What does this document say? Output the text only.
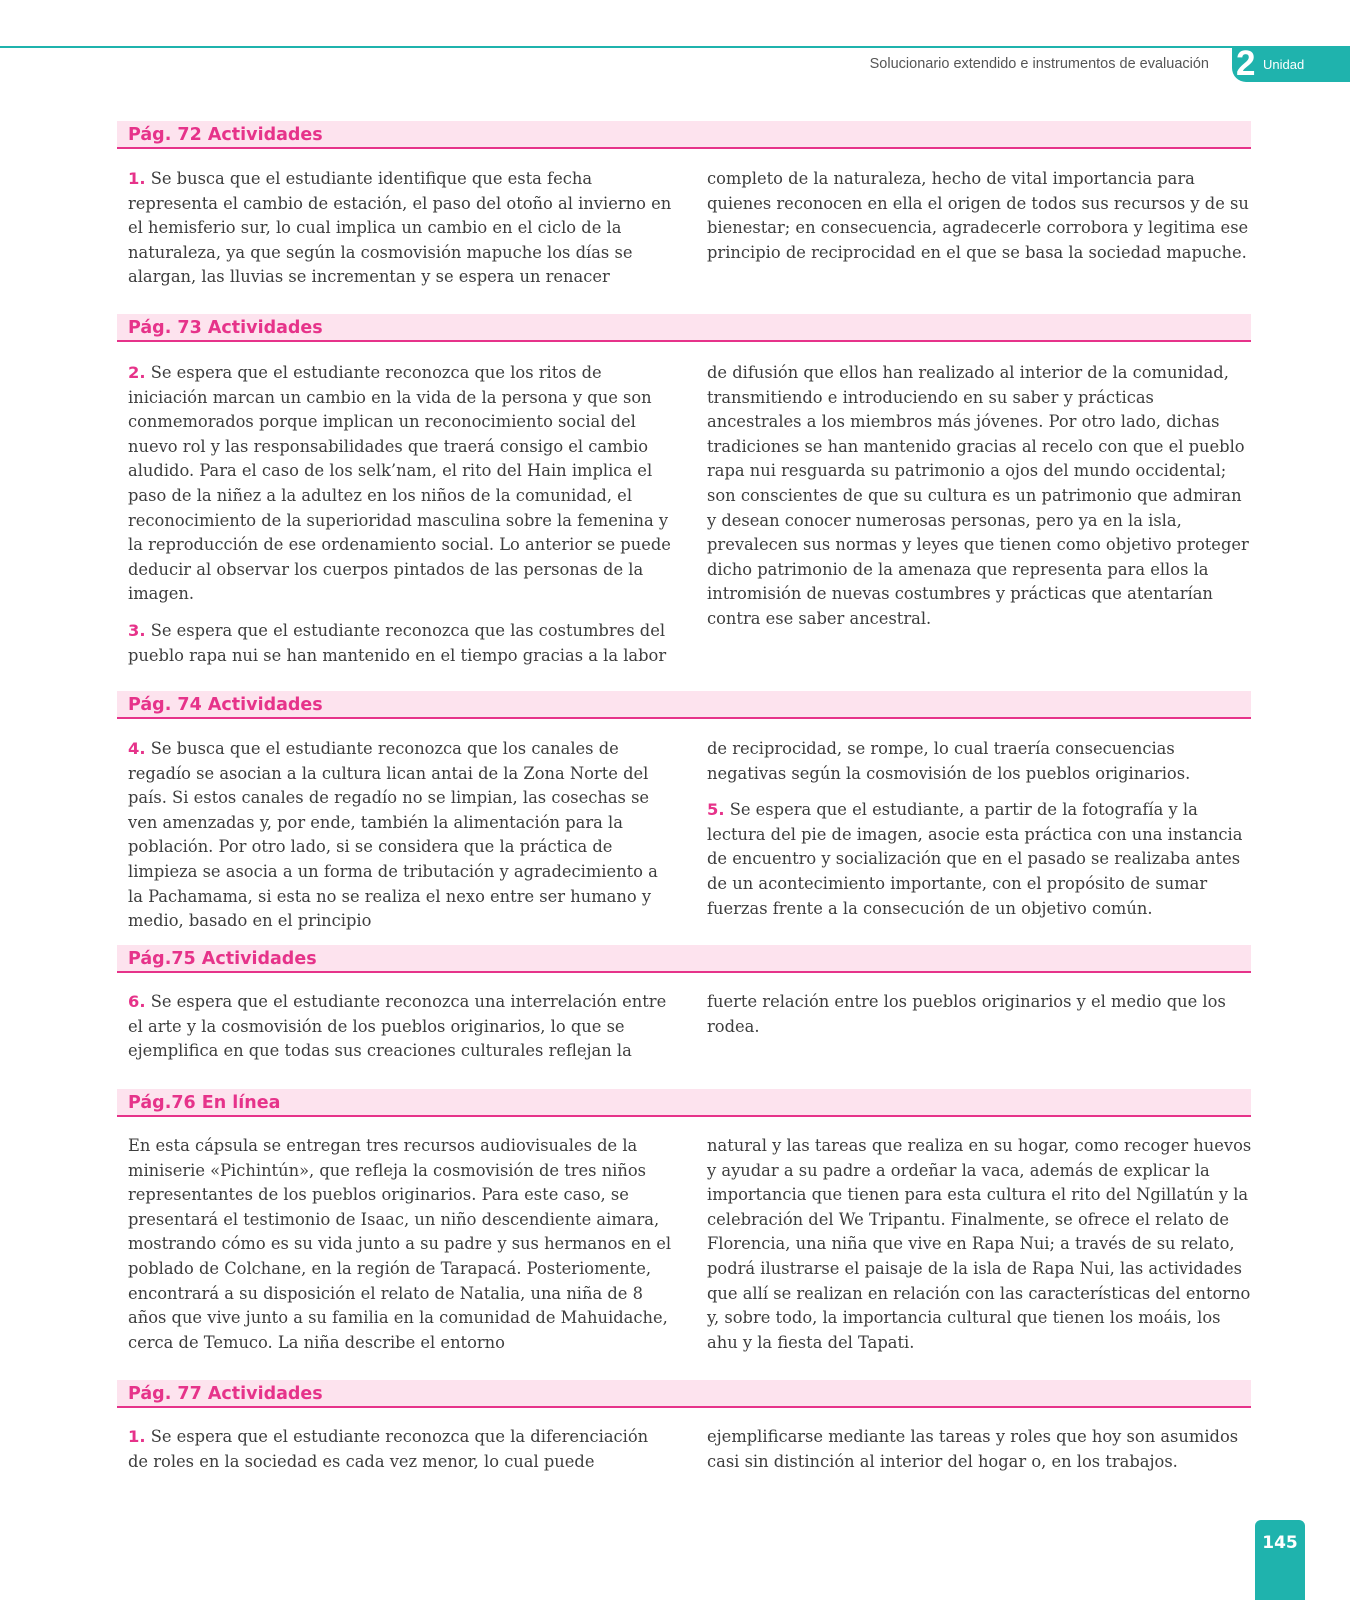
Solucionario extendido e instrumentos de evaluación 2 Unidad
Pág. 72 Actividades

1. Se busca que el estudiante identifique que esta fecha representa el cambio de estación, el paso del otoño al invierno en el hemisferio sur, lo cual implica un cambio en el ciclo de la naturaleza, ya que según la cosmovisión mapuche los días se alargan, las lluvias se incrementan y se espera un renacer

completo de la naturaleza, hecho de vital importancia para quienes reconocen en ella el origen de todos sus recursos y de su bienestar; en consecuencia, agradecerle corrobora y legitima ese principio de reciprocidad en el que se basa la sociedad mapuche.

Pág. 73 Actividades

2. Se espera que el estudiante reconozca que los ritos de iniciación marcan un cambio en la vida de la persona y que son conmemorados porque implican un reconocimiento social del nuevo rol y las responsabilidades que traerá consigo el cambio aludido. Para el caso de los selk’nam, el rito del Hain implica el paso de la niñez a la adultez en los niños de la comunidad, el reconocimiento de la superioridad masculina sobre la femenina y la reproducción de ese ordenamiento social. Lo anterior se puede deducir al observar los cuerpos pintados de las personas de la imagen.

3. Se espera que el estudiante reconozca que las costumbres del pueblo rapa nui se han mantenido en el tiempo gracias a la labor

de difusión que ellos han realizado al interior de la comunidad, transmitiendo e introduciendo en su saber y prácticas ancestrales a los miembros más jóvenes. Por otro lado, dichas tradiciones se han mantenido gracias al recelo con que el pueblo rapa nui resguarda su patrimonio a ojos del mundo occidental; son conscientes de que su cultura es un patrimonio que admiran y desean conocer numerosas personas, pero ya en la isla, prevalecen sus normas y leyes que tienen como objetivo proteger dicho patrimonio de la amenaza que representa para ellos la intromisión de nuevas costumbres y prácticas que atentarían contra ese saber ancestral.

Pág. 74 Actividades

4. Se busca que el estudiante reconozca que los canales de regadío se asocian a la cultura lican antai de la Zona Norte del país. Si estos canales de regadío no se limpian, las cosechas se ven amenzadas y, por ende, también la alimentación para la población. Por otro lado, si se considera que la práctica de limpieza se asocia a un forma de tributación y agradecimiento a la Pachamama, si esta no se realiza el nexo entre ser humano y medio, basado en el principio

de reciprocidad, se rompe, lo cual traería consecuencias negativas según la cosmovisión de los pueblos originarios.

5. Se espera que el estudiante, a partir de la fotografía y la lectura del pie de imagen, asocie esta práctica con una instancia de encuentro y socialización que en el pasado se realizaba antes de un acontecimiento importante, con el propósito de sumar fuerzas frente a la consecución de un objetivo común.

Pág.75 Actividades

6. Se espera que el estudiante reconozca una interrelación entre el arte y la cosmovisión de los pueblos originarios, lo que se ejemplifica en que todas sus creaciones culturales reflejan la

fuerte relación entre los pueblos originarios y el medio que los rodea.

Pág.76 En línea

En esta cápsula se entregan tres recursos audiovisuales de la miniserie «Pichintún», que refleja la cosmovisión de tres niños representantes de los pueblos originarios. Para este caso, se presentará el testimonio de Isaac, un niño descendiente aimara, mostrando cómo es su vida junto a su padre y sus hermanos en el poblado de Colchane, en la región de Tarapacá. Posteriomente, encontrará a su disposición el relato de Natalia, una niña de 8 años que vive junto a su familia en la comunidad de Mahuidache, cerca de Temuco. La niña describe el entorno

natural y las tareas que realiza en su hogar, como recoger huevos y ayudar a su padre a ordeñar la vaca, además de explicar la importancia que tienen para esta cultura el rito del Ngillatún y la celebración del We Tripantu. Finalmente, se ofrece el relato de Florencia, una niña que vive en Rapa Nui; a través de su relato, podrá ilustrarse el paisaje de la isla de Rapa Nui, las actividades que allí se realizan en relación con las características del entorno y, sobre todo, la importancia cultural que tienen los moáis, los ahu y la fiesta del Tapati.

Pág. 77 Actividades

1. Se espera que el estudiante reconozca que la diferenciación de roles en la sociedad es cada vez menor, lo cual puede

ejemplificarse mediante las tareas y roles que hoy son asumidos casi sin distinción al interior del hogar o, en los trabajos.

145
